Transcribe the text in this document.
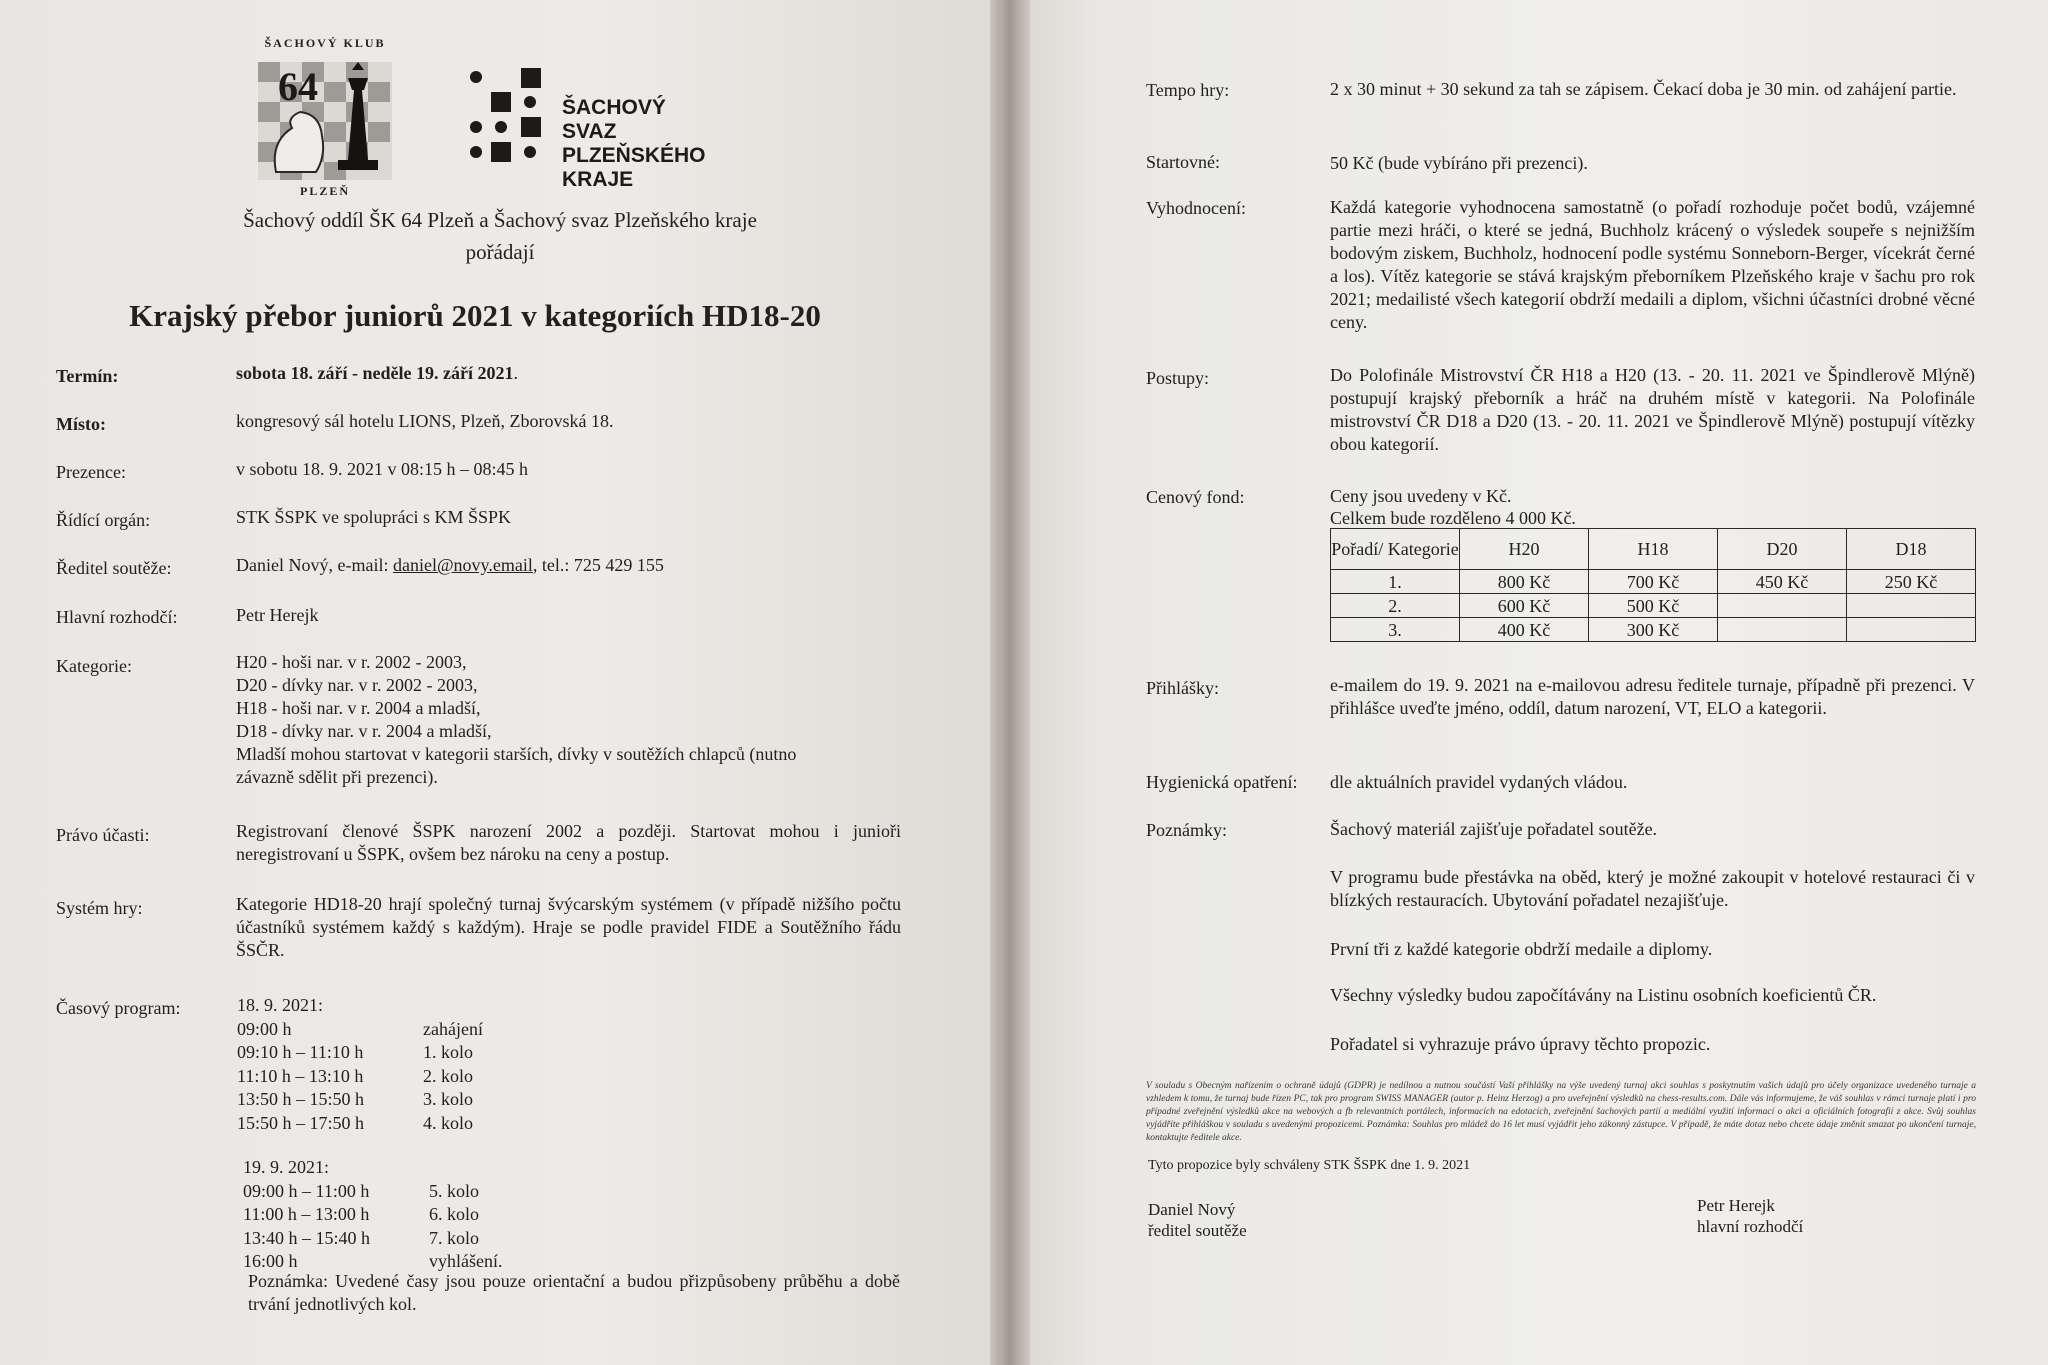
ŠACHOVÝ KLUB
64
PLZEŇ
ŠACHOVÝ
SVAZ
PLZEŇSKÉHO
KRAJE
Šachový oddíl ŠK 64 Plzeň a Šachový svaz Plzeňského kraje
pořádají
Krajský přebor juniorů 2021 v kategoriích HD18-20
Termín:	sobota 18. září - neděle 19. září 2021.
Místo:	kongresový sál hotelu LIONS, Plzeň, Zborovská 18.
Prezence:	v sobotu 18. 9. 2021 v 08:15 h – 08:45 h
Řídící orgán:	STK ŠSPK ve spolupráci s KM ŠSPK
Ředitel soutěže:	Daniel Nový, e-mail: daniel@novy.email, tel.: 725 429 155
Hlavní rozhodčí:	Petr Herejk
Kategorie:	H20 - hoši nar. v r. 2002 - 2003,
D20 - dívky nar. v r. 2002 - 2003,
H18 - hoši nar. v r. 2004 a mladší,
D18 - dívky nar. v r. 2004 a mladší,
Mladší mohou startovat v kategorii starších, dívky v soutěžích chlapců (nutno
závazně sdělit při prezenci).
Právo účasti:	Registrovaní členové ŠSPK narození 2002 a později. Startovat mohou i junioři neregistrovaní u ŠSPK, ovšem bez nároku na ceny a postup.
Systém hry:	Kategorie HD18-20 hrají společný turnaj švýcarským systémem (v případě nižšího počtu účastníků systémem každý s každým). Hraje se podle pravidel FIDE a Soutěžního řádu ŠSČR.
Časový program:	18. 9. 2021:
09:00 h	zahájení
09:10 h – 11:10 h	1. kolo
11:10 h – 13:10 h	2. kolo
13:50 h – 15:50 h	3. kolo
15:50 h – 17:50 h	4. kolo
19. 9. 2021:
09:00 h – 11:00 h	5. kolo
11:00 h – 13:00 h	6. kolo
13:40 h – 15:40 h	7. kolo
16:00 h	vyhlášení.
Poznámka: Uvedené časy jsou pouze orientační a budou přizpůsobeny průběhu a době trvání jednotlivých kol.
Tempo hry:	2 x 30 minut + 30 sekund za tah se zápisem. Čekací doba je 30 min. od zahájení partie.
Startovné:	50 Kč (bude vybíráno při prezenci).
Vyhodnocení:	Každá kategorie vyhodnocena samostatně (o pořadí rozhoduje počet bodů, vzájemné partie mezi hráči, o které se jedná, Buchholz krácený o výsledek soupeře s nejnižším bodovým ziskem, Buchholz, hodnocení podle systému Sonneborn-Berger, vícekrát černé a los). Vítěz kategorie se stává krajským přeborníkem Plzeňského kraje v šachu pro rok 2021; medailisté všech kategorií obdrží medaili a diplom, všichni účastníci drobné věcné ceny.
Postupy:	Do Polofinále Mistrovství ČR H18 a H20 (13. - 20. 11. 2021 ve Špindlerově Mlýně) postupují krajský přeborník a hráč na druhém místě v kategorii. Na Polofinále mistrovství ČR D18 a D20 (13. - 20. 11. 2021 ve Špindlerově Mlýně) postupují vítězky obou kategorií.
Cenový fond:	Ceny jsou uvedeny v Kč.
Celkem bude rozděleno 4 000 Kč.
Pořadí/ Kategorie	H20	H18	D20	D18
1.	800 Kč	700 Kč	450 Kč	250 Kč
2.	600 Kč	500 Kč		
3.	400 Kč	300 Kč		
Přihlášky:	e-mailem do 19. 9. 2021 na e-mailovou adresu ředitele turnaje, případně při prezenci. V přihlášce uveďte jméno, oddíl, datum narození, VT, ELO a kategorii.
Hygienická opatření: dle aktuálních pravidel vydaných vládou.
Poznámky:	Šachový materiál zajišťuje pořadatel soutěže.
V programu bude přestávka na oběd, který je možné zakoupit v hotelové restauraci či v blízkých restauracích. Ubytování pořadatel nezajišťuje.
První tři z každé kategorie obdrží medaile a diplomy.
Všechny výsledky budou započítávány na Listinu osobních koeficientů ČR.
Pořadatel si vyhrazuje právo úpravy těchto propozic.
V souladu s Obecným nařízením o ochraně údajů (GDPR) je nedílnou a nutnou součástí Vaší přihlášky na výše uvedený turnaj akci souhlas s poskytnutím vašich údajů pro účely organizace uvedeného turnaje a vzhledem k tomu, že turnaj bude řízen PC, tak pro program SWISS MANAGER (autor p. Heinz Herzog) a pro uveřejnění výsledků na chess-results.com. Dále vás informujeme, že váš souhlas v rámci turnaje platí i pro případné zveřejnění výsledků akce na webových a fb relevantních portálech, informacích na edotacích, zveřejnění šachových partií a mediální využití informací o akci a oficiálních fotografií z akce. Svůj souhlas vyjádříte přihláškou v souladu s uvedenými propozicemi. Poznámka: Souhlas pro mládež do 16 let musí vyjádřit jeho zákonný zástupce. V případě, že máte dotaz nebo chcete údaje změnit smazat po ukončení turnaje, kontaktujte ředitele akce.
Tyto propozice byly schváleny STK ŠSPK dne 1. 9. 2021
Daniel Nový
ředitel soutěže
Petr Herejk
hlavní rozhodčí
